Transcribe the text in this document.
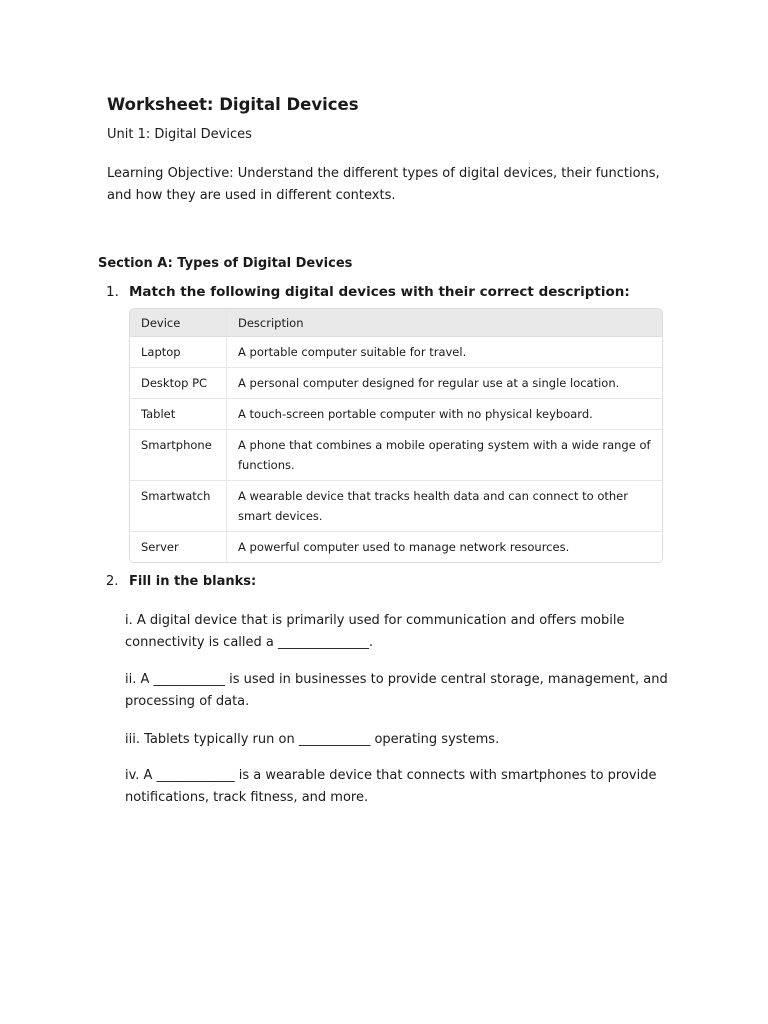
Worksheet: Digital Devices
Unit 1: Digital Devices

Learning Objective: Understand the different types of digital devices, their functions, and how they are used in different contexts.

Section A: Types of Digital Devices
1. Match the following digital devices with their correct description:
Device	Description
Laptop	A portable computer suitable for travel.
Desktop PC	A personal computer designed for regular use at a single location.
Tablet	A touch-screen portable computer with no physical keyboard.
Smartphone	A phone that combines a mobile operating system with a wide range of functions.
Smartwatch	A wearable device that tracks health data and can connect to other smart devices.
Server	A powerful computer used to manage network resources.
2. Fill in the blanks:

i. A digital device that is primarily used for communication and offers mobile connectivity is called a ______________.

ii. A ___________ is used in businesses to provide central storage, management, and processing of data.

iii. Tablets typically run on ___________ operating systems.

iv. A ____________ is a wearable device that connects with smartphones to provide notifications, track fitness, and more.
